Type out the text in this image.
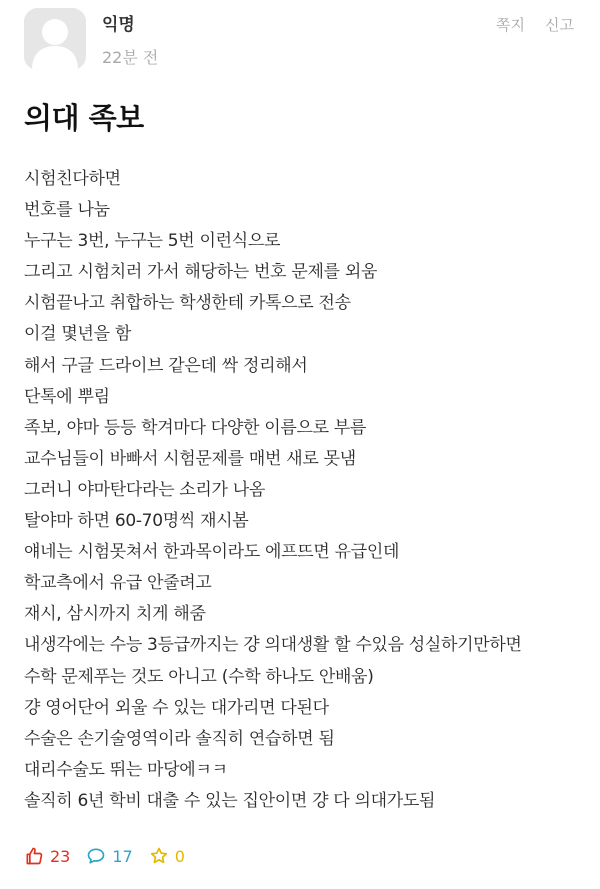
익명
22분 전
쪽지 신고
의대 족보
시험친다하면
번호를 나눔
누구는 3번, 누구는 5번 이런식으로
그리고 시험치러 가서 해당하는 번호 문제를 외움
시험끝나고 취합하는 학생한테 카톡으로 전송
이걸 몇년을 함
해서 구글 드라이브 같은데 싹 정리해서
단톡에 뿌림
족보, 야마 등등 학겨마다 다양한 이름으로 부름
교수님들이 바빠서 시험문제를 매번 새로 못냄
그러니 야마탄다라는 소리가 나옴
탈야마 하면 60-70명씩 재시봄
얘네는 시험못쳐서 한과목이라도 에프뜨면 유급인데
학교측에서 유급 안줄려고
재시, 삼시까지 치게 해줌
내생각에는 수능 3등급까지는 걍 의대생활 할 수있음 성실하기만하면
수학 문제푸는 것도 아니고 (수학 하나도 안배움)
걍 영어단어 외울 수 있는 대가리면 다된다
수술은 손기술영역이라 솔직히 연습하면 됨
대리수술도 뛰는 마당에ㅋㅋ
솔직히 6년 학비 대출 수 있는 집안이면 걍 다 의대가도됨
23	17	0
